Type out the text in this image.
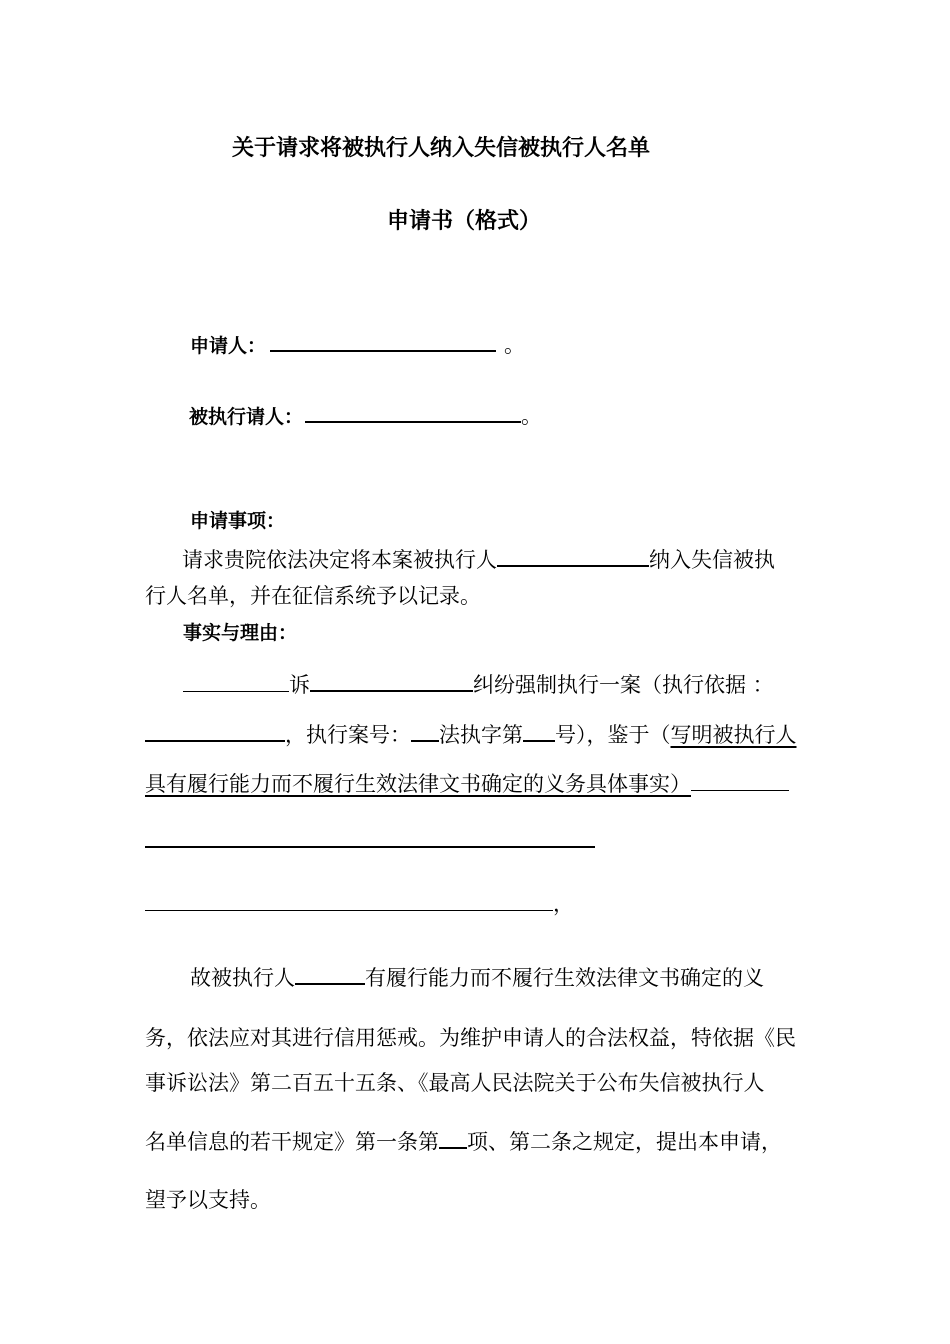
关于请求将被执行人纳入失信被执行人名单
申请书（格式）
申请人：	。
被执行请人：	。
申请事项：
请求贵院依法决定将本案被执行人	纳入失信被执
行人名单，并在征信系统予以记录。
事实与理由：
诉	纠纷强制执行一案（执行依据 ：
，执行案号： 法执字第 号），鉴于（写明被执行人
具有履行能力而不履行生效法律文书确定的义务具体事实）
，
故被执行人	有履行能力而不履行生效法律文书确定的义
务，依法应对其进行信用惩戒。为维护申请人的合法权益，特依据《民
事诉讼法》第二百五十五条、《最高人民法院关于公布失信被执行人
名单信息的若干规定》第一条第 项、第二条之规定，提出本申请，
望予以支持。
